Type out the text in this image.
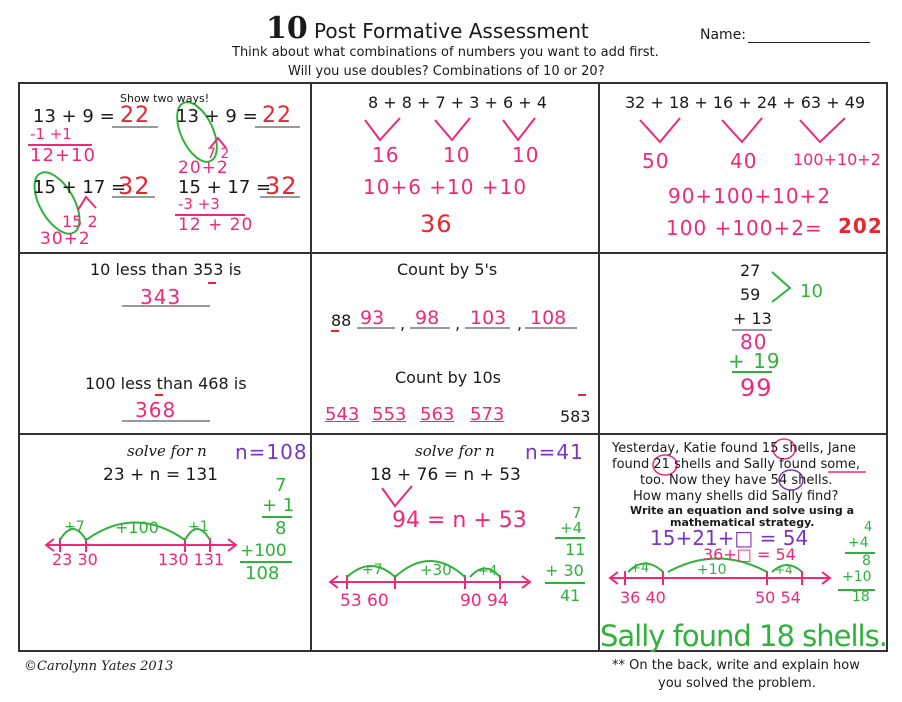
10 Post Formative Assessment	Name:
Think about what combinations of numbers you want to add first.
Will you use doubles? Combinations of 10 or 20?
Show two ways!
13 + 9 = 22
-1 +1
12+10
13 + 9 = 22
7 2
20+2
15 + 17 =
32
15 2
30+2
15 + 17 =
32
-3 +3
12 + 20
8 + 8 + 7 + 3 + 6 + 4
16 10 10
10+6 +10 +10
36
32 + 18 + 16 + 24 + 63 + 49
50	40 100+10+2
90+100+10+2
100 +100+2= 202
10 less than 353 is
343
100 less than 468 is
368
Count by 5's
88 93 , 98 , 103 , 108
Count by 10s
543 553 563 573	583
27
59
+ 13
10
80
+ 19
99
solve for n n=108
23 + n = 131	7
+ 1
8
+100
108
+7 +100 +1
23 30	130 131
solve for n n=41
18 + 76 = n + 53
94 = n + 53	7
+4
11
+ 30
41
+7 +30 +4
53 60	90 94
Yesterday, Katie found 15 shells, Jane
found 21 shells and Sally found some,
too. Now they have 54 shells.
How many shells did Sally find?
Write an equation and solve using a
mathematical strategy.
15+21+□ = 54
36+□ = 54
4
+4
8
+10
18
+4	+10	+4
36 40	50 54
Sally found 18 shells.
©Carolynn Yates 2013	** On the back, write and explain how
you solved the problem.
